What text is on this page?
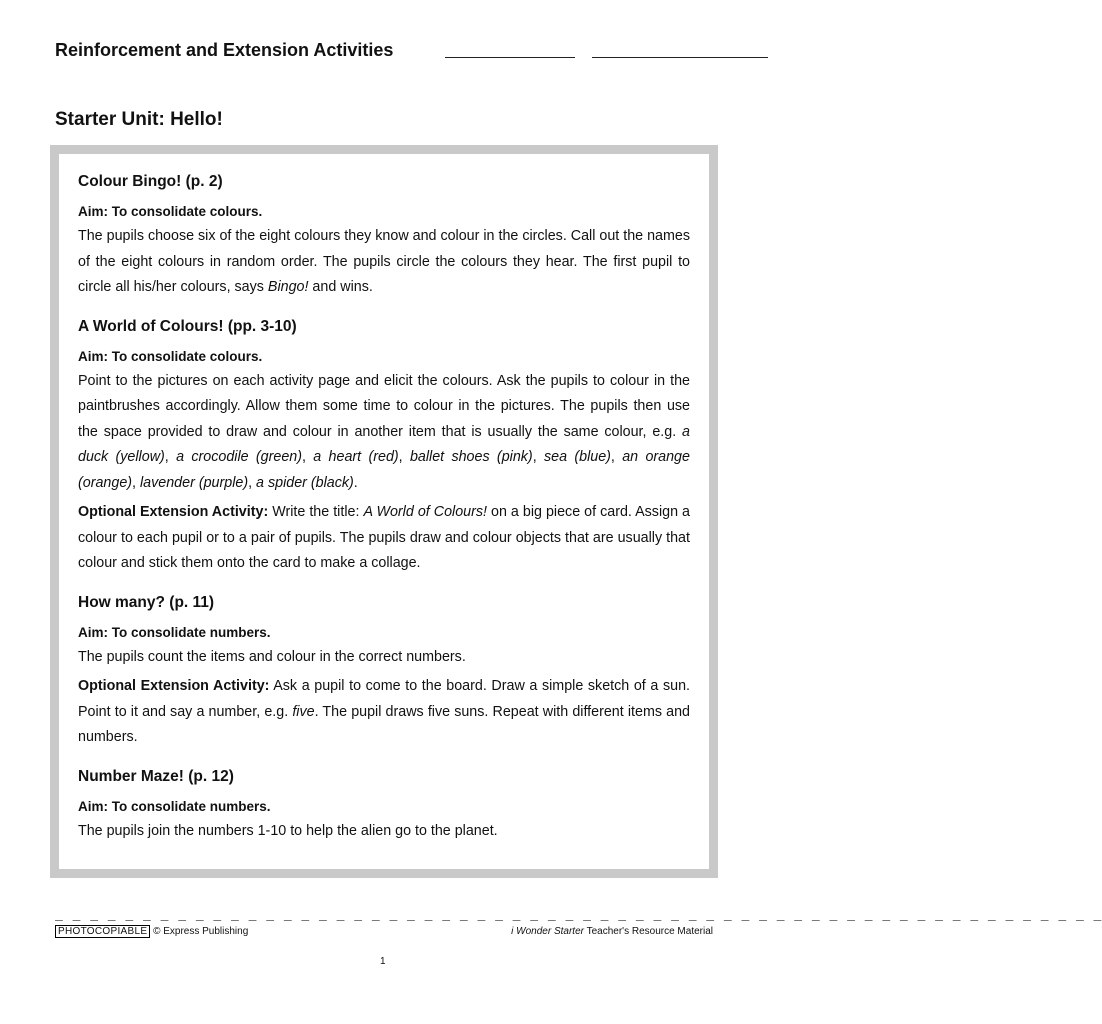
Reinforcement and Extension Activities
Starter Unit: Hello!
Colour Bingo! (p. 2)
Aim: To consolidate colours.

The pupils choose six of the eight colours they know and colour in the circles. Call out the names of the eight colours in random order. The pupils circle the colours they hear. The first pupil to circle all his/her colours, says Bingo! and wins.

A World of Colours! (pp. 3-10)
Aim: To consolidate colours.

Point to the pictures on each activity page and elicit the colours. Ask the pupils to colour in the paintbrushes accordingly. Allow them some time to colour in the pictures. The pupils then use the space provided to draw and colour in another item that is usually the same colour, e.g. a duck (yellow), a crocodile (green), a heart (red), ballet shoes (pink), sea (blue), an orange (orange), lavender (purple), a spider (black).

Optional Extension Activity: Write the title: A World of Colours! on a big piece of card. Assign a colour to each pupil or to a pair of pupils. The pupils draw and colour objects that are usually that colour and stick them onto the card to make a collage.

How many? (p. 11)
Aim: To consolidate numbers.

The pupils count the items and colour in the correct numbers.

Optional Extension Activity: Ask a pupil to come to the board. Draw a simple sketch of a sun. Point to it and say a number, e.g. five. The pupil draws five suns. Repeat with different items and numbers.

Number Maze! (p. 12)
Aim: To consolidate numbers.

The pupils join the numbers 1-10 to help the alien go to the planet.

_ _ _ _ _ _ _ _ _ _ _ _ _ _ _ _ _ _ _ _ _ _ _ _ _ _ _ _ _ _ _ _ _ _ _ _ _ _ _ _ _ _ _ _ _ _ _ _ _ _ _ _ _ _ _ _ _ _ _ _
PHOTOCOPIABLE © Express Publishing	i Wonder Starter Teacher's Resource Material
1
